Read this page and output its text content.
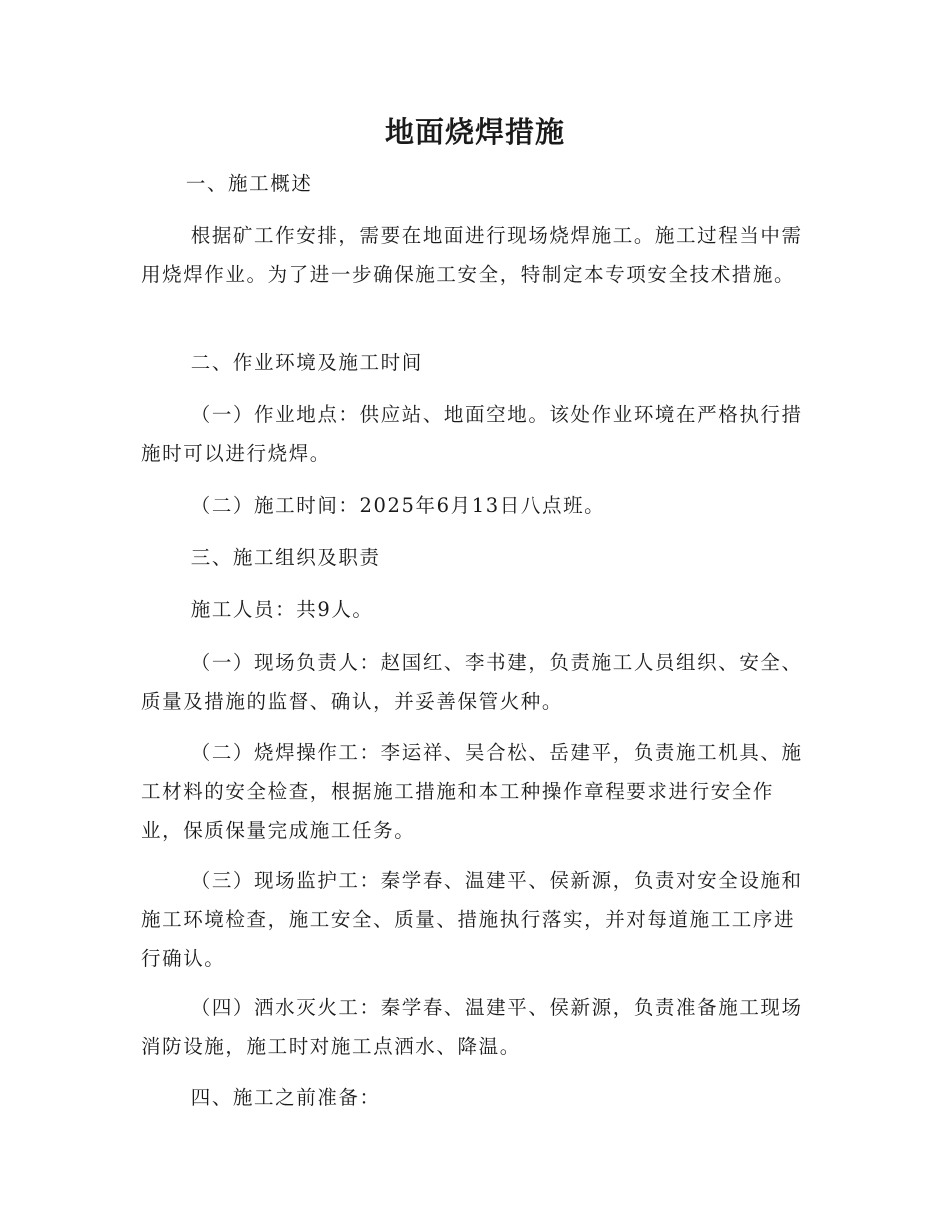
地面烧焊措施

一、施工概述

根据矿工作安排，需要在地面进行现场烧焊施工。施工过程当中需用烧焊作业。为了进一步确保施工安全，特制定本专项安全技术措施。

二、作业环境及施工时间

（一）作业地点：供应站、地面空地。该处作业环境在严格执行措施时可以进行烧焊。

（二）施工时间：2025年6月13日八点班。

三、施工组织及职责

施工人员：共9人。

（一）现场负责人：赵国红、李书建，负责施工人员组织、安全、质量及措施的监督、确认，并妥善保管火种。

（二）烧焊操作工：李运祥、吴合松、岳建平，负责施工机具、施工材料的安全检查，根据施工措施和本工种操作章程要求进行安全作业，保质保量完成施工任务。

（三）现场监护工：秦学春、温建平、侯新源，负责对安全设施和施工环境检查，施工安全、质量、措施执行落实，并对每道施工工序进行确认。

（四）洒水灭火工：秦学春、温建平、侯新源，负责准备施工现场消防设施，施工时对施工点洒水、降温。

四、施工之前准备：
